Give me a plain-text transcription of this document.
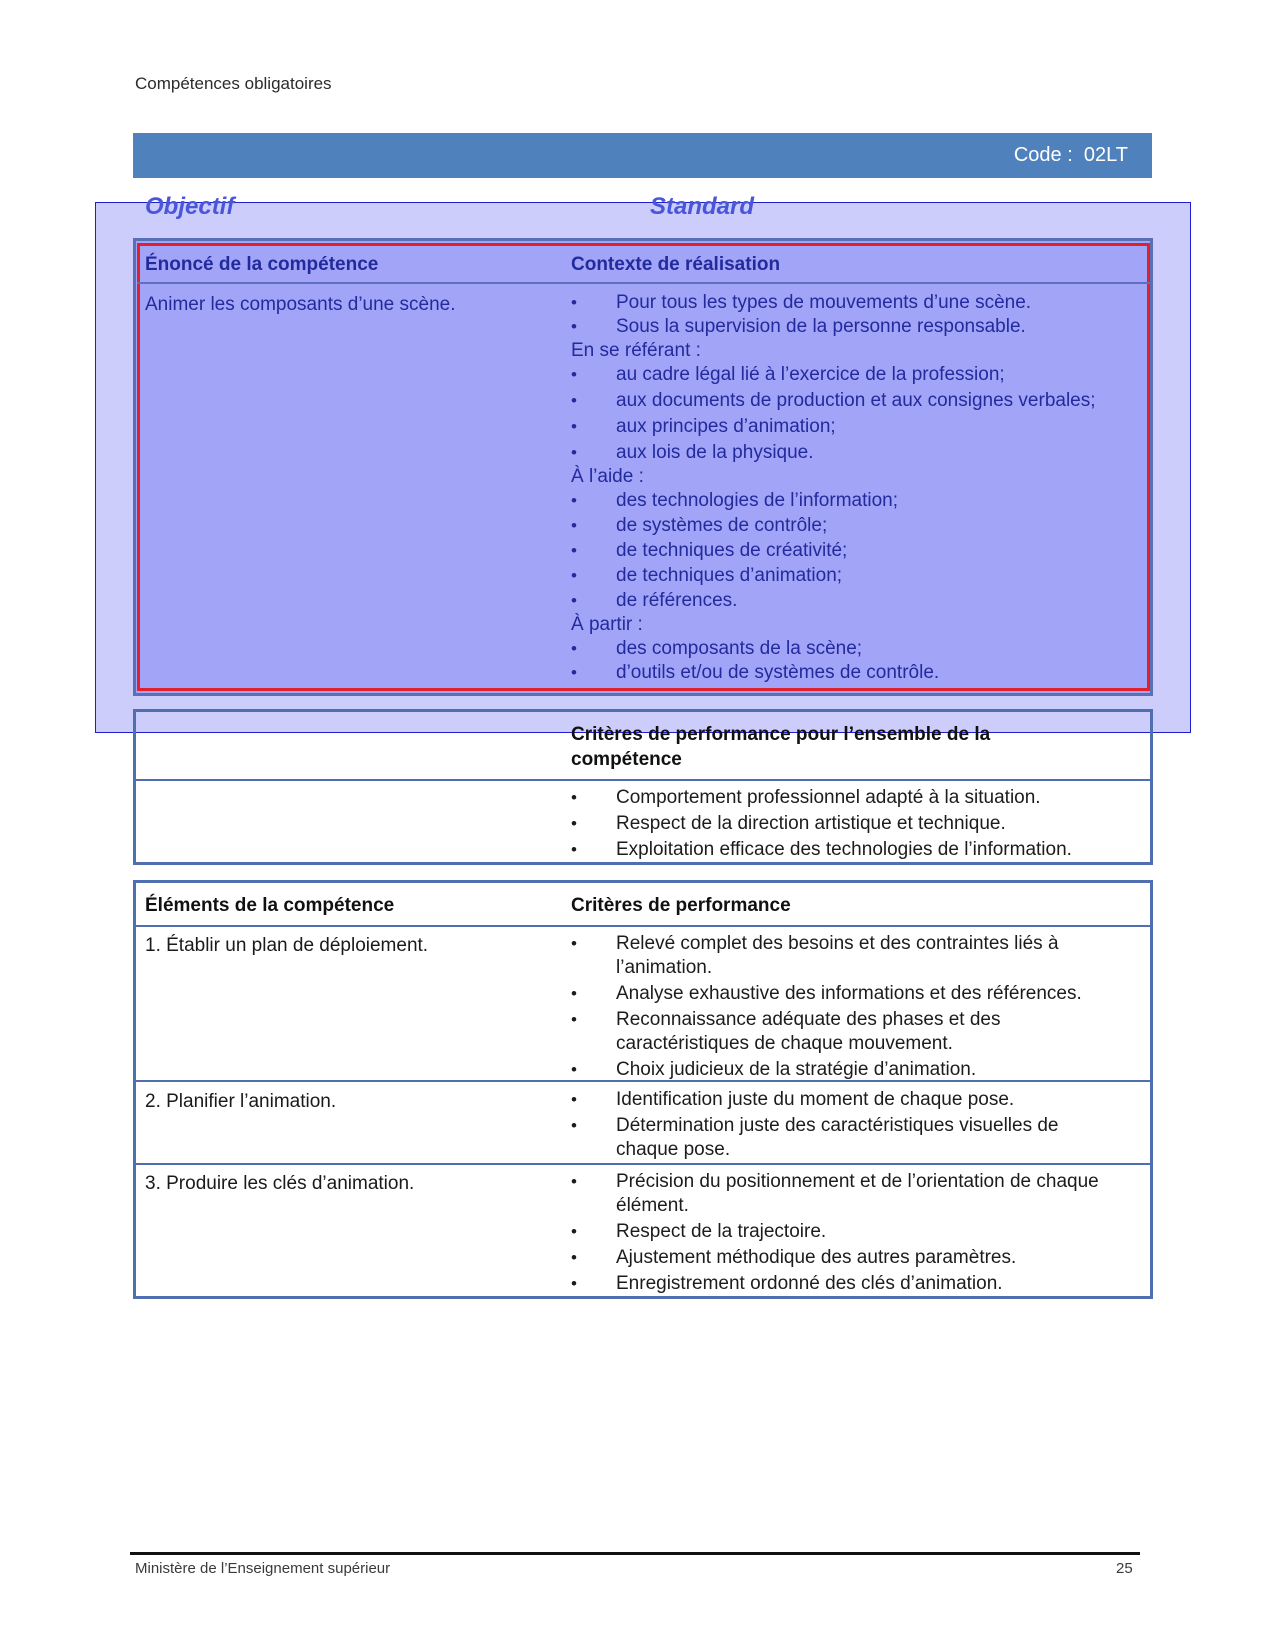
Compétences obligatoires
Code : 02LT
Objectif	Standard
Énoncé de la compétence	Contexte de réalisation
Animer les composants d’une scène.	• Pour tous les types de mouvements d’une scène.
• Sous la supervision de la personne responsable.
En se référant :
• au cadre légal lié à l’exercice de la profession;
• aux documents de production et aux consignes verbales;
• aux principes d’animation;
• aux lois de la physique.
À l’aide :
• des technologies de l’information;
• de systèmes de contrôle;
• de techniques de créativité;
• de techniques d’animation;
• de références.
À partir :
• des composants de la scène;
• d’outils et/ou de systèmes de contrôle.
Critères de performance pour l’ensemble de la compétence
• Comportement professionnel adapté à la situation.
• Respect de la direction artistique et technique.
• Exploitation efficace des technologies de l’information.
Éléments de la compétence	Critères de performance
1. Établir un plan de déploiement.	• Relevé complet des besoins et des contraintes liés à l’animation.
• Analyse exhaustive des informations et des références.
• Reconnaissance adéquate des phases et des caractéristiques de chaque mouvement.
• Choix judicieux de la stratégie d’animation.
2. Planifier l’animation.	• Identification juste du moment de chaque pose.
• Détermination juste des caractéristiques visuelles de chaque pose.
3. Produire les clés d’animation.	• Précision du positionnement et de l’orientation de chaque élément.
• Respect de la trajectoire.
• Ajustement méthodique des autres paramètres.
• Enregistrement ordonné des clés d’animation.
Ministère de l’Enseignement supérieur	25
